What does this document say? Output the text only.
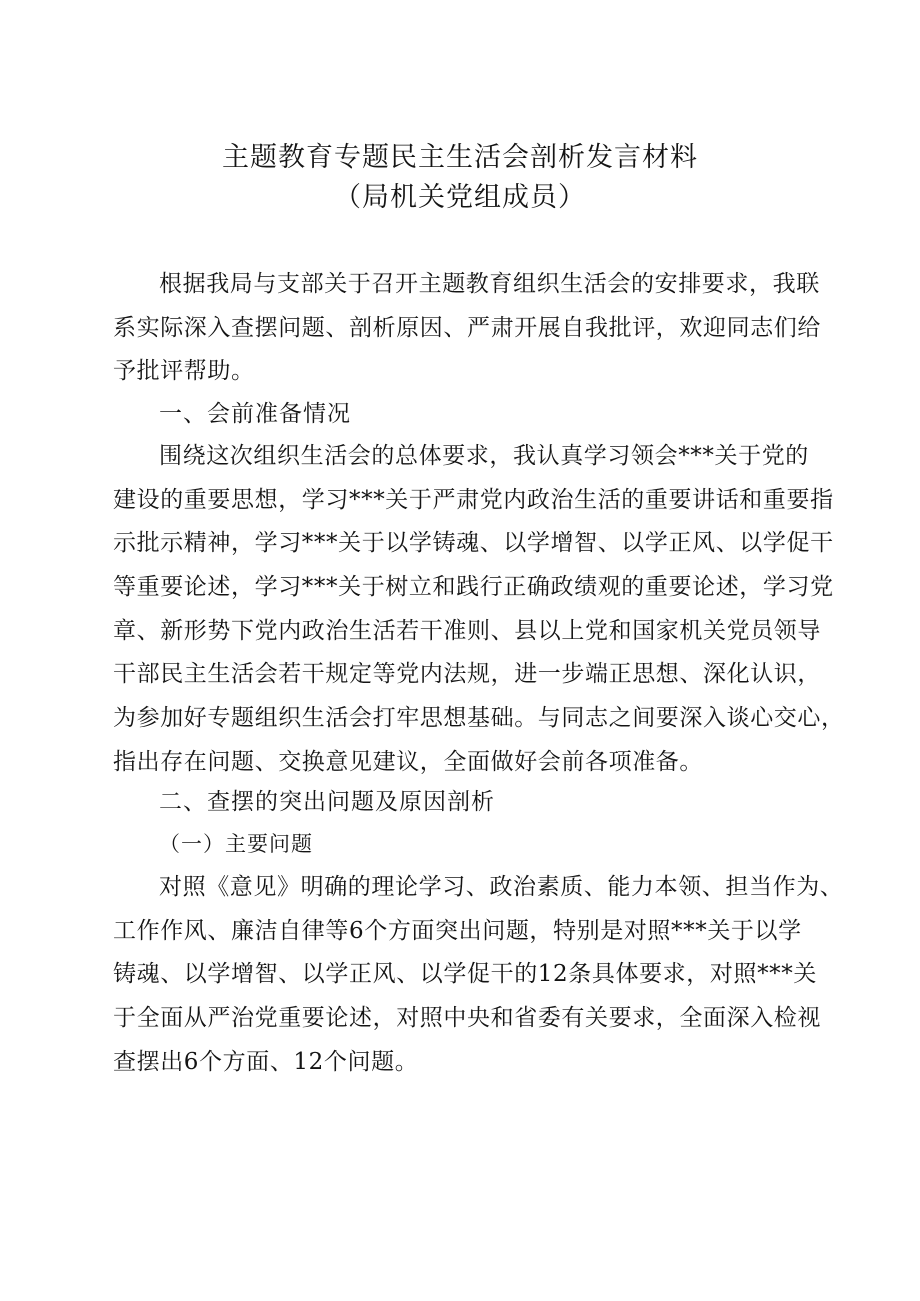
主题教育专题民主生活会剖析发言材料
（局机关党组成员）
根据我局与支部关于召开主题教育组织生活会的安排要求，我联
系实际深入查摆问题、剖析原因、严肃开展自我批评，欢迎同志们给
予批评帮助。
一、会前准备情况
围绕这次组织生活会的总体要求，我认真学习领会***关于党的
建设的重要思想，学习***关于严肃党内政治生活的重要讲话和重要指
示批示精神，学习***关于以学铸魂、以学增智、以学正风、以学促干
等重要论述，学习***关于树立和践行正确政绩观的重要论述，学习党
章、新形势下党内政治生活若干准则、县以上党和国家机关党员领导
干部民主生活会若干规定等党内法规，进一步端正思想、深化认识，
为参加好专题组织生活会打牢思想基础。与同志之间要深入谈心交心，
指出存在问题、交换意见建议，全面做好会前各项准备。
二、查摆的突出问题及原因剖析
（一）主要问题
对照《意见》明确的理论学习、政治素质、能力本领、担当作为、
工作作风、廉洁自律等6个方面突出问题，特别是对照***关于以学
铸魂、以学增智、以学正风、以学促干的12条具体要求，对照***关
于全面从严治党重要论述，对照中央和省委有关要求，全面深入检视
查摆出6个方面、12个问题。
